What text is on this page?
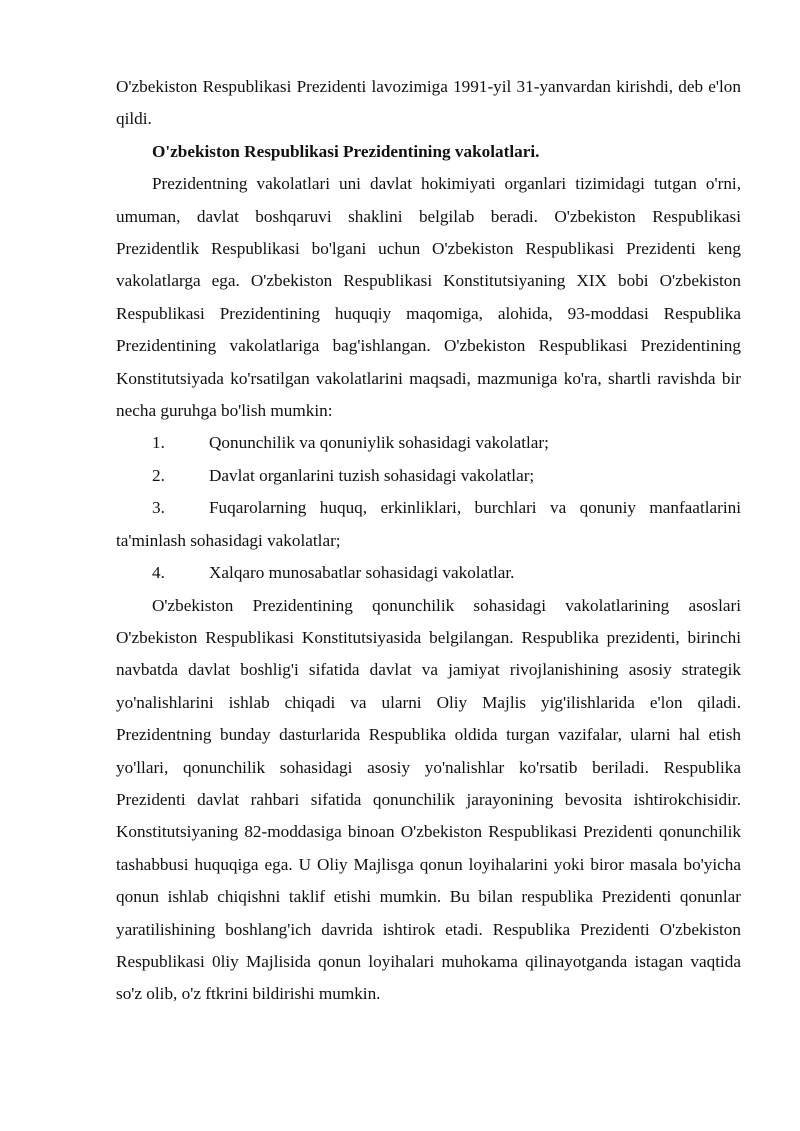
O'zbekiston Respublikasi Prezidenti lavozimiga 1991-yil 31-yanvardan kirishdi, deb e'lon qildi.

O'zbekiston Respublikasi Prezidentining vakolatlari.

Prezidentning vakolatlari uni davlat hokimiyati organlari tizimidagi tutgan o'rni, umuman, davlat boshqaruvi shaklini belgilab beradi. O'zbekiston Respublikasi Prezidentlik Respublikasi bo'lgani uchun O'zbekiston Respublikasi Prezidenti keng vakolatlarga ega. O'zbekiston Respublikasi Konstitutsiyaning XIX bobi O'zbekiston Respublikasi Prezidentining huquqiy maqomiga, alohida, 93-moddasi Respublika Prezidentining vakolatlariga bag'ishlangan. O'zbekiston Respublikasi Prezidentining Konstitutsiyada ko'rsatilgan vakolatlarini maqsadi, mazmuniga ko'ra, shartli ravishda bir necha guruhga bo'lish mumkin:

1.	Qonunchilik va qonuniylik sohasidagi vakolatlar;

2.	Davlat organlarini tuzish sohasidagi vakolatlar;

3.	Fuqarolarning huquq, erkinliklari, burchlari va qonuniy manfaatlarini ta'minlash sohasidagi vakolatlar;

4.	Xalqaro munosabatlar sohasidagi vakolatlar.

O'zbekiston Prezidentining qonunchilik sohasidagi vakolatlarining asoslari O'zbekiston Respublikasi Konstitutsiyasida belgilangan. Respublika prezidenti, birinchi navbatda davlat boshlig'i sifatida davlat va jamiyat rivojlanishining asosiy strategik yo'nalishlarini ishlab chiqadi va ularni Oliy Majlis yig'ilishlarida e'lon qiladi. Prezidentning bunday dasturlarida Respublika oldida turgan vazifalar, ularni hal etish yo'llari, qonunchilik sohasidagi asosiy yo'nalishlar ko'rsatib beriladi. Respublika Prezidenti davlat rahbari sifatida qonunchilik jarayonining bevosita ishtirokchisidir. Konstitutsiyaning 82-moddasiga binoan O'zbekiston Respublikasi Prezidenti qonunchilik tashabbusi huquqiga ega. U Oliy Majlisga qonun loyihalarini yoki biror masala bo'yicha qonun ishlab chiqishni taklif etishi mumkin. Bu bilan respublika Prezidenti qonunlar yaratilishining boshlang'ich davrida ishtirok etadi. Respublika Prezidenti O'zbekiston Respublikasi 0liy Majlisida qonun loyihalari muhokama qilinayotganda istagan vaqtida so'z olib, o'z ftkrini bildirishi mumkin.
